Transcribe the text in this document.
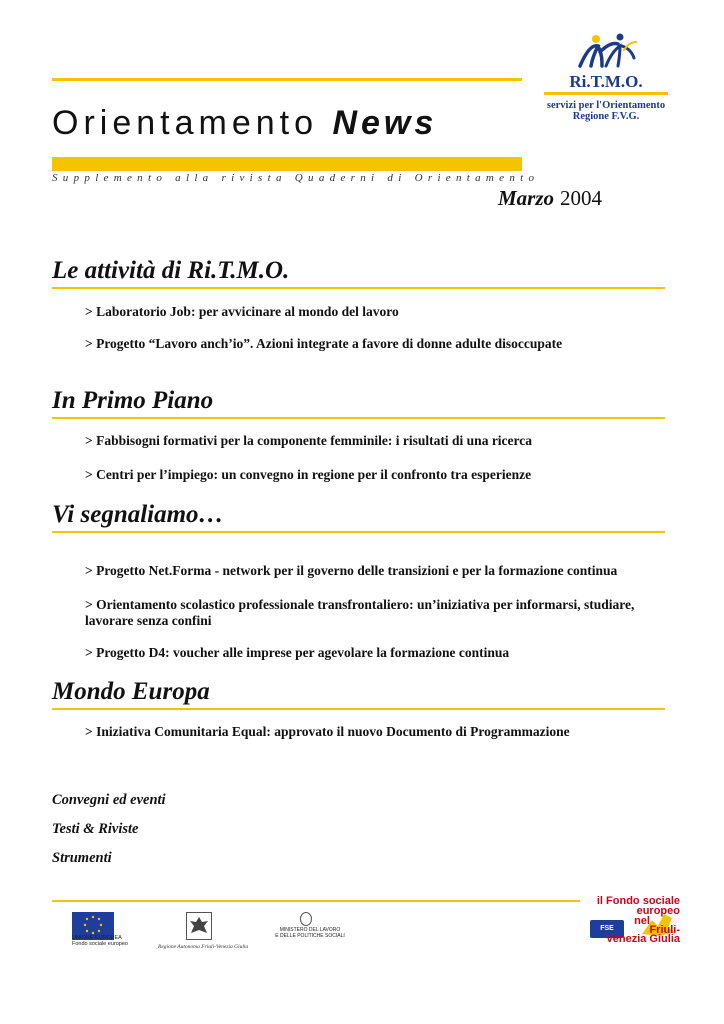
Orientamento News
Supplemento alla rivista Quaderni di Orientamento
Marzo 2004
Ri.T.M.O.
servizi per l'Orientamento
Regione F.V.G.
Le attività di Ri.T.M.O.
> Laboratorio Job: per avvicinare al mondo del lavoro
> Progetto “Lavoro anch’io”. Azioni integrate a favore di donne adulte disoccupate
In Primo Piano
> Fabbisogni formativi per la componente femminile: i risultati di una ricerca
> Centri per l’impiego: un convegno in regione per il confronto tra esperienze
Vi segnaliamo…
> Progetto Net.Forma - network per il governo delle transizioni e per la formazione continua
> Orientamento scolastico professionale transfrontaliero: un’iniziativa per informarsi, studiare, lavorare senza confini
> Progetto D4: voucher alle imprese per agevolare la formazione continua
Mondo Europa
> Iniziativa Comunitaria Equal: approvato il nuovo Documento di Programmazione
Convegni ed eventi
Testi & Riviste
Strumenti
UNIONE EUROPEA
Fondo sociale europeo	Regione Autonoma Friuli-Venezia Giulia
MINISTERO DEL LAVORO
E DELLE POLITICHE SOCIALI
FSE
il Fondo sociale
europeo
nel
Friuli-
Venezia Giulia
